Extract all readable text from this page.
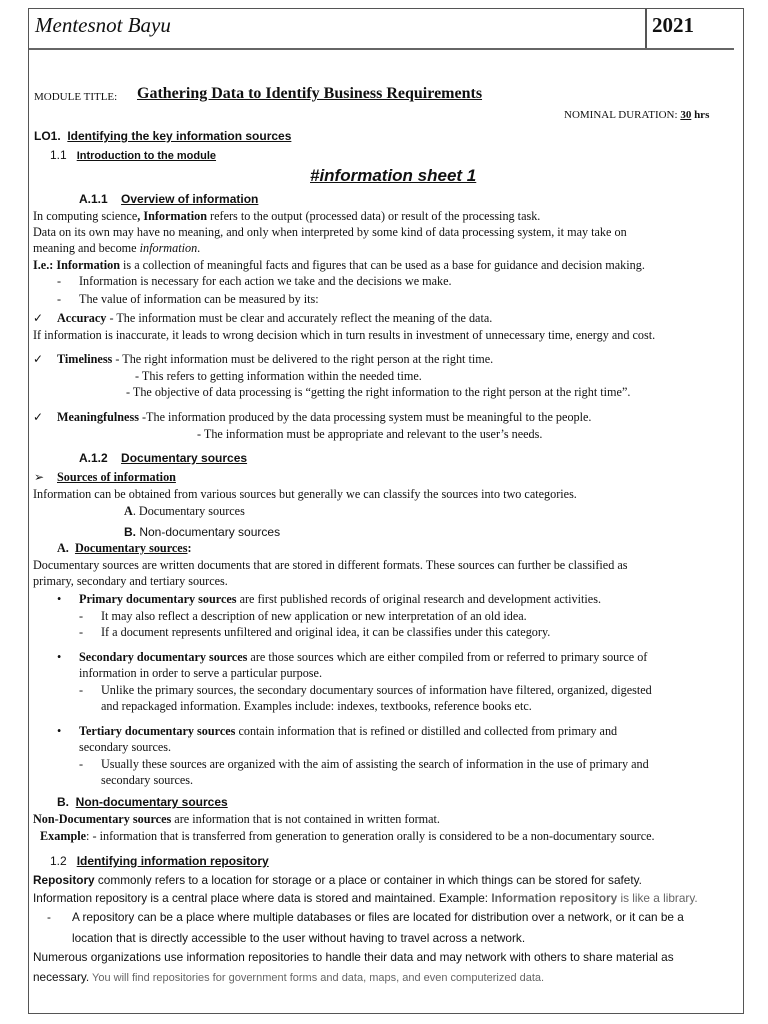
Mentesnot Bayu	2021
MODULE TITLE: Gathering Data to Identify Business Requirements
NOMINAL DURATION: 30 hrs
LO1. Identifying the key information sources
1.1 Introduction to the module
#information sheet 1
A.1.1 Overview of information
In computing science, Information refers to the output (processed data) or result of the processing task.
Data on its own may have no meaning, and only when interpreted by some kind of data processing system, it may take on
meaning and become information.
I.e.: Information is a collection of meaningful facts and figures that can be used as a base for guidance and decision making.
- Information is necessary for each action we take and the decisions we make.
- The value of information can be measured by its:
✓ Accuracy - The information must be clear and accurately reflect the meaning of the data.
If information is inaccurate, it leads to wrong decision which in turn results in investment of unnecessary time, energy and cost.
✓ Timeliness - The right information must be delivered to the right person at the right time.
- This refers to getting information within the needed time.
- The objective of data processing is “getting the right information to the right person at the right time”.
✓ Meaningfulness -The information produced by the data processing system must be meaningful to the people.
- The information must be appropriate and relevant to the user’s needs.
A.1.2 Documentary sources
➢ Sources of information
Information can be obtained from various sources but generally we can classify the sources into two categories.
A. Documentary sources
B. Non-documentary sources
A. Documentary sources:
Documentary sources are written documents that are stored in different formats. These sources can further be classified as
primary, secondary and tertiary sources.
• Primary documentary sources are first published records of original research and development activities.
- It may also reflect a description of new application or new interpretation of an old idea.
- If a document represents unfiltered and original idea, it can be classifies under this category.
• Secondary documentary sources are those sources which are either compiled from or referred to primary source of
information in order to serve a particular purpose.
- Unlike the primary sources, the secondary documentary sources of information have filtered, organized, digested
and repackaged information. Examples include: indexes, textbooks, reference books etc.
• Tertiary documentary sources contain information that is refined or distilled and collected from primary and
secondary sources.
- Usually these sources are organized with the aim of assisting the search of information in the use of primary and
secondary sources.
B. Non-documentary sources
Non-Documentary sources are information that is not contained in written format.
Example: - information that is transferred from generation to generation orally is considered to be a non-documentary source.
1.2 Identifying information repository
Repository commonly refers to a location for storage or a place or container in which things can be stored for safety.
Information repository is a central place where data is stored and maintained. Example: Information repository is like a library.
- A repository can be a place where multiple databases or files are located for distribution over a network, or it can be a
location that is directly accessible to the user without having to travel across a network.
Numerous organizations use information repositories to handle their data and may network with others to share material as
necessary. You will find repositories for government forms and data, maps, and even computerized data.
